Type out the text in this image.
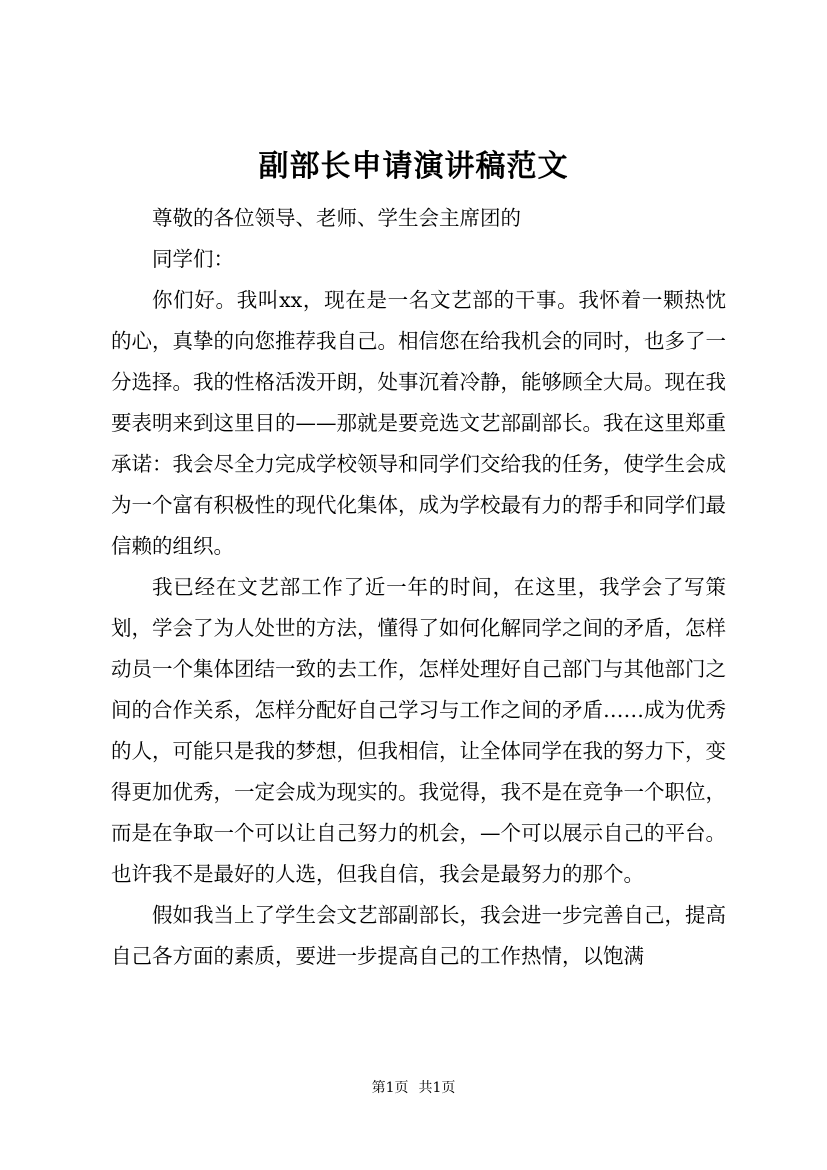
副部长申请演讲稿范文

尊敬的各位领导、老师、学生会主席团的

同学们：

你们好。我叫xx，现在是一名文艺部的干事。我怀着一颗热忱的心，真挚的向您推荐我自己。相信您在给我机会的同时，也多了一分选择。我的性格活泼开朗，处事沉着冷静，能够顾全大局。现在我要表明来到这里目的——那就是要竞选文艺部副部长。我在这里郑重承诺：我会尽全力完成学校领导和同学们交给我的任务，使学生会成为一个富有积极性的现代化集体，成为学校最有力的帮手和同学们最信赖的组织。

我已经在文艺部工作了近一年的时间，在这里，我学会了写策划，学会了为人处世的方法，懂得了如何化解同学之间的矛盾，怎样动员一个集体团结一致的去工作，怎样处理好自己部门与其他部门之间的合作关系，怎样分配好自己学习与工作之间的矛盾……成为优秀的人，可能只是我的梦想，但我相信，让全体同学在我的努力下，变得更加优秀，一定会成为现实的。我觉得，我不是在竞争一个职位，而是在争取一个可以让自己努力的机会，—个可以展示自己的平台。也许我不是最好的人选，但我自信，我会是最努力的那个。

假如我当上了学生会文艺部副部长，我会进一步完善自己，提高自己各方面的素质，要进一步提高自己的工作热情，以饱满

第1页 共1页
